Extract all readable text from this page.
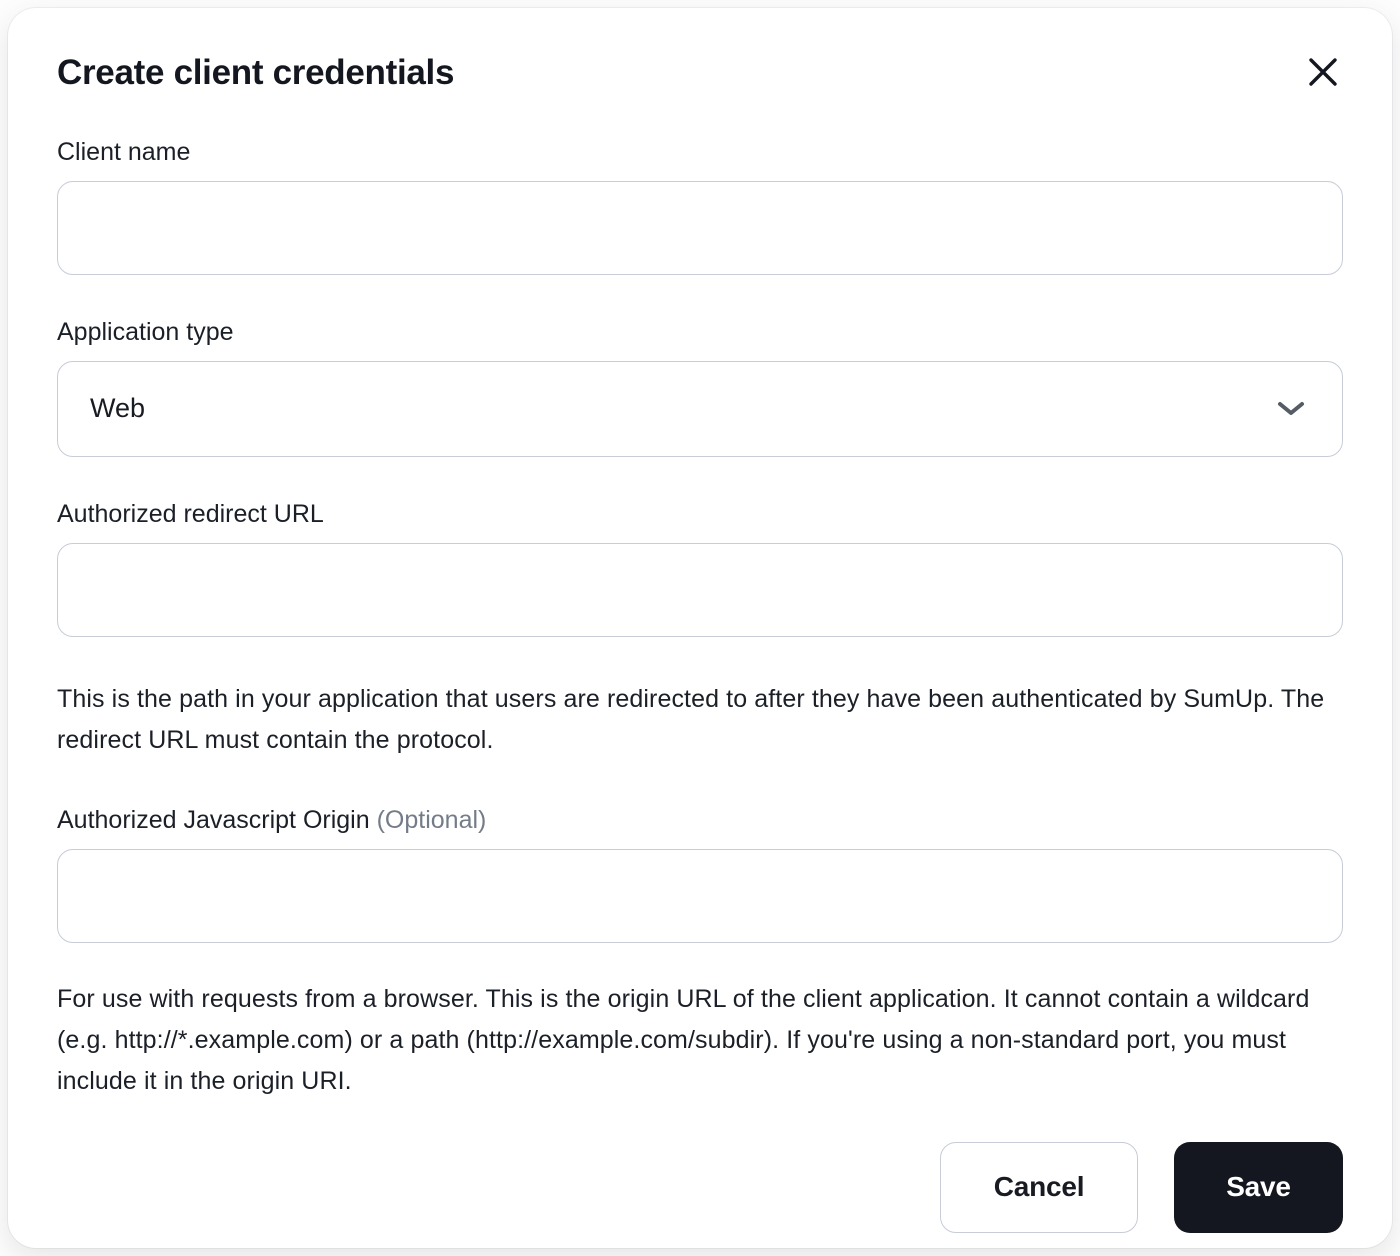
Create client credentials
Client name
Application type
Web
Authorized redirect URL

This is the path in your application that users are redirected to after they have been authenticated by SumUp. The redirect URL must contain the protocol.

Authorized Javascript Origin (Optional)

For use with requests from a browser. This is the origin URL of the client application. It cannot contain a wildcard (e.g. http://*.example.com) or a path (http://example.com/subdir). If you're using a non-standard port, you must include it in the origin URI.

Cancel	Save
